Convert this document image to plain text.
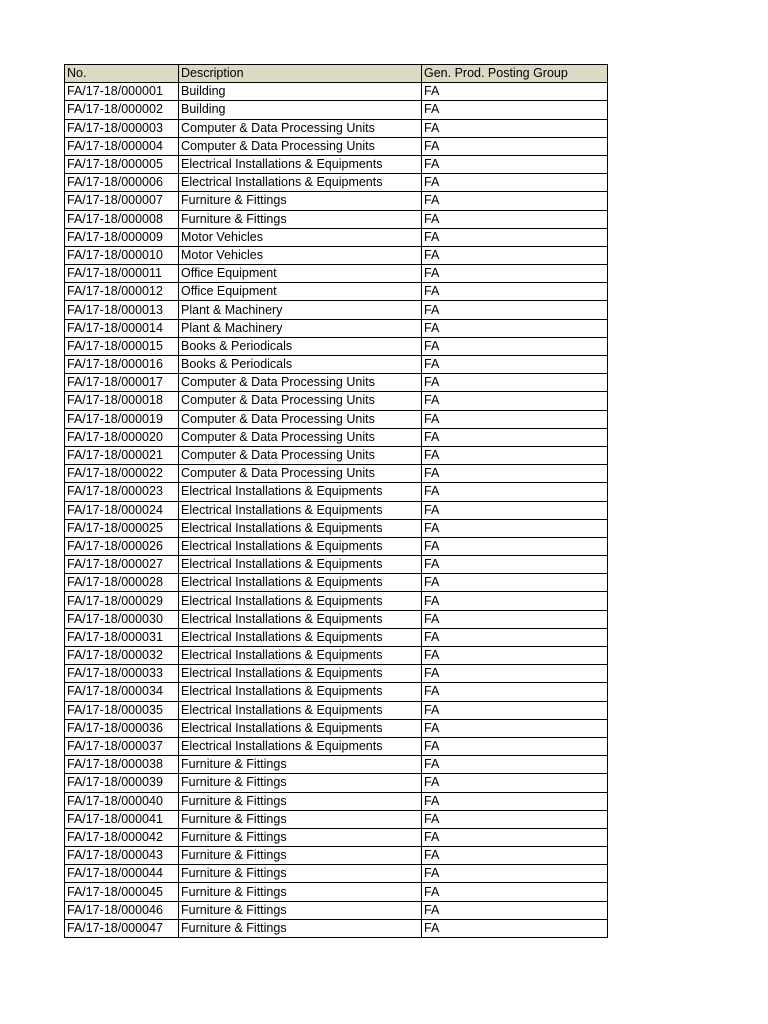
No.	Description	Gen. Prod. Posting Group
FA/17-18/000001	Building	FA
FA/17-18/000002	Building	FA
FA/17-18/000003	Computer & Data Processing Units	FA
FA/17-18/000004	Computer & Data Processing Units	FA
FA/17-18/000005	Electrical Installations & Equipments	FA
FA/17-18/000006	Electrical Installations & Equipments	FA
FA/17-18/000007	Furniture & Fittings	FA
FA/17-18/000008	Furniture & Fittings	FA
FA/17-18/000009	Motor Vehicles	FA
FA/17-18/000010	Motor Vehicles	FA
FA/17-18/000011	Office Equipment	FA
FA/17-18/000012	Office Equipment	FA
FA/17-18/000013	Plant & Machinery	FA
FA/17-18/000014	Plant & Machinery	FA
FA/17-18/000015	Books & Periodicals	FA
FA/17-18/000016	Books & Periodicals	FA
FA/17-18/000017	Computer & Data Processing Units	FA
FA/17-18/000018	Computer & Data Processing Units	FA
FA/17-18/000019	Computer & Data Processing Units	FA
FA/17-18/000020	Computer & Data Processing Units	FA
FA/17-18/000021	Computer & Data Processing Units	FA
FA/17-18/000022	Computer & Data Processing Units	FA
FA/17-18/000023	Electrical Installations & Equipments	FA
FA/17-18/000024	Electrical Installations & Equipments	FA
FA/17-18/000025	Electrical Installations & Equipments	FA
FA/17-18/000026	Electrical Installations & Equipments	FA
FA/17-18/000027	Electrical Installations & Equipments	FA
FA/17-18/000028	Electrical Installations & Equipments	FA
FA/17-18/000029	Electrical Installations & Equipments	FA
FA/17-18/000030	Electrical Installations & Equipments	FA
FA/17-18/000031	Electrical Installations & Equipments	FA
FA/17-18/000032	Electrical Installations & Equipments	FA
FA/17-18/000033	Electrical Installations & Equipments	FA
FA/17-18/000034	Electrical Installations & Equipments	FA
FA/17-18/000035	Electrical Installations & Equipments	FA
FA/17-18/000036	Electrical Installations & Equipments	FA
FA/17-18/000037	Electrical Installations & Equipments	FA
FA/17-18/000038	Furniture & Fittings	FA
FA/17-18/000039	Furniture & Fittings	FA
FA/17-18/000040	Furniture & Fittings	FA
FA/17-18/000041	Furniture & Fittings	FA
FA/17-18/000042	Furniture & Fittings	FA
FA/17-18/000043	Furniture & Fittings	FA
FA/17-18/000044	Furniture & Fittings	FA
FA/17-18/000045	Furniture & Fittings	FA
FA/17-18/000046	Furniture & Fittings	FA
FA/17-18/000047	Furniture & Fittings	FA
